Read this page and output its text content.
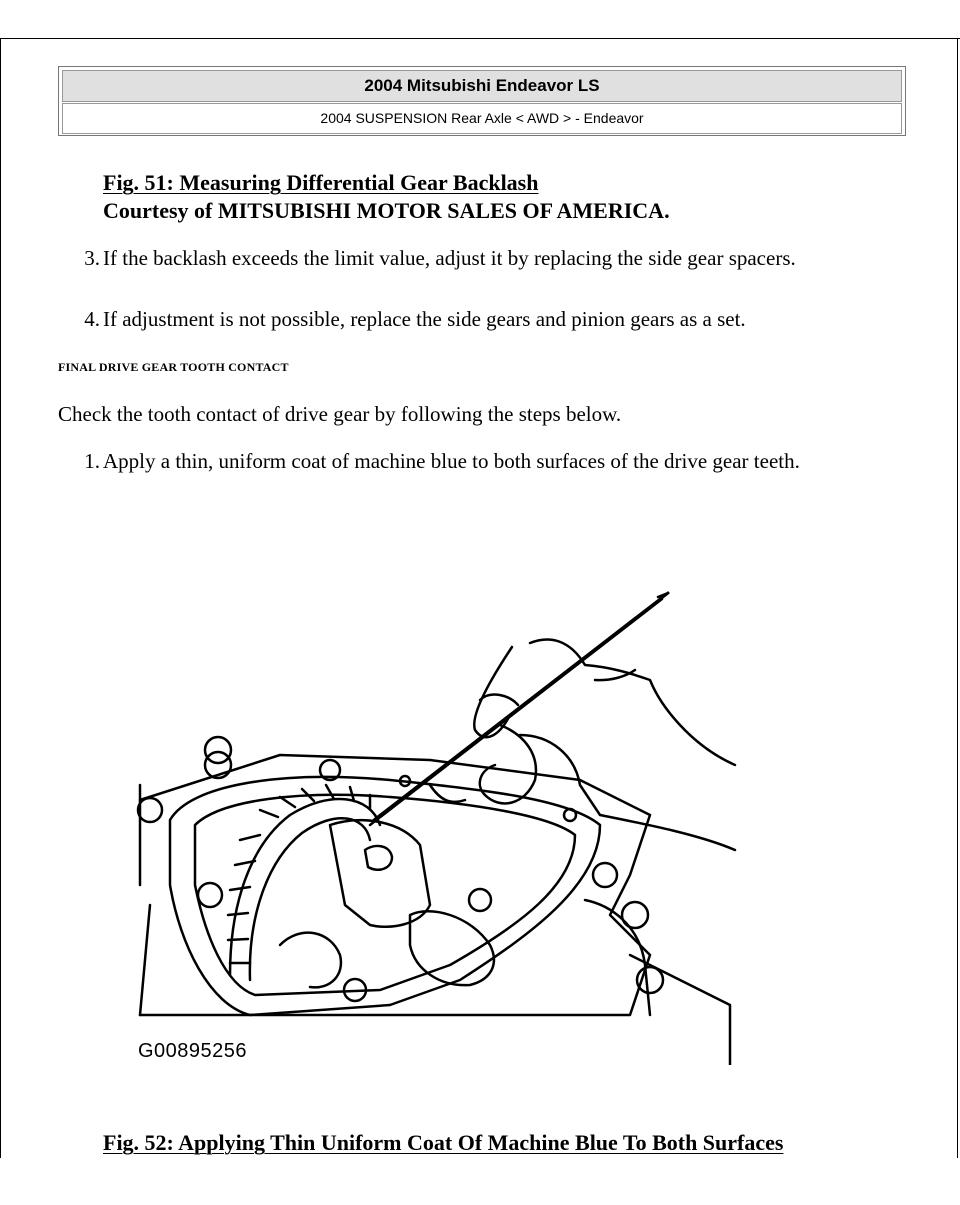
2004 Mitsubishi Endeavor LS
2004 SUSPENSION Rear Axle < AWD > - Endeavor
Fig. 51: Measuring Differential Gear Backlash
Courtesy of MITSUBISHI MOTOR SALES OF AMERICA.
3. If the backlash exceeds the limit value, adjust it by replacing the side gear spacers.
4. If adjustment is not possible, replace the side gears and pinion gears as a set.
FINAL DRIVE GEAR TOOTH CONTACT
Check the tooth contact of drive gear by following the steps below.
1. Apply a thin, uniform coat of machine blue to both surfaces of the drive gear teeth.
G00895256
Fig. 52: Applying Thin Uniform Coat Of Machine Blue To Both Surfaces
